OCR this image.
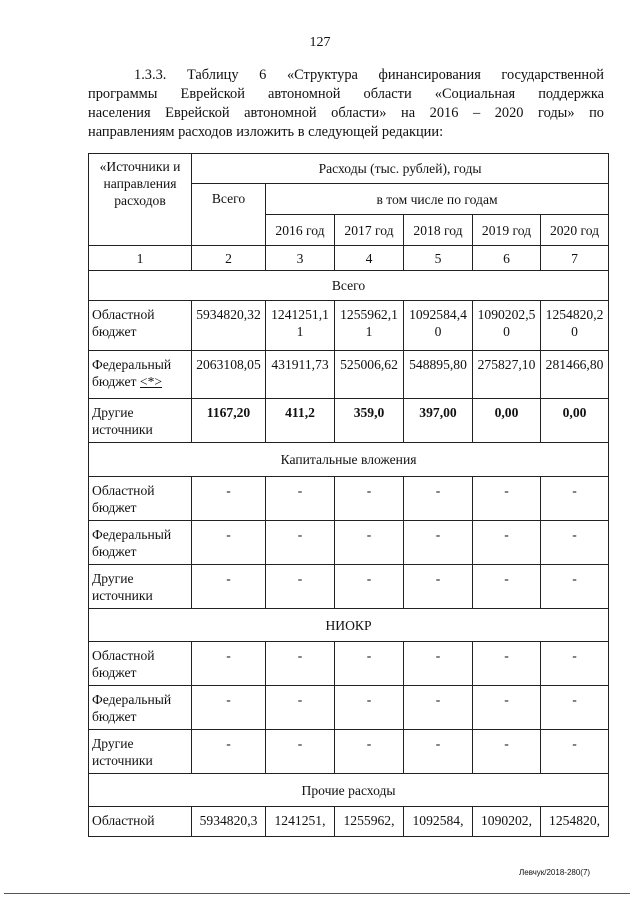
127
1.3.3. Таблицу 6 «Структура финансирования государственной
программы Еврейской автономной области «Социальная поддержка
населения Еврейской автономной области» на 2016 – 2020 годы» по
направлениям расходов изложить в следующей редакции:
«Источники и направления расходов	Расходы (тыс. рублей), годы					
	Всего	в том числе по годам				
		2016 год	2017 год	2018 год	2019 год	2020 год
1	2	3	4	5	6	7
Всего						
Областной бюджет	5934820,32	1241251,11	1255962,11	1092584,40	1090202,50	1254820,20
Федеральный бюджет <*>	2063108,05	431911,73	525006,62	548895,80	275827,10	281466,80
Другие источники	1167,20	411,2	359,0	397,00	0,00	0,00
Капитальные вложения						
Областной бюджет	-	-	-	-	-	-
Федеральный бюджет	-	-	-	-	-	-
Другие источники	-	-	-	-	-	-
НИОКР						
Областной бюджет	-	-	-	-	-	-
Федеральный бюджет	-	-	-	-	-	-
Другие источники	-	-	-	-	-	-
Прочие расходы						
Областной	5934820,3	1241251,	1255962,	1092584,	1090202,	1254820,
Левчук/2018-280(7)
